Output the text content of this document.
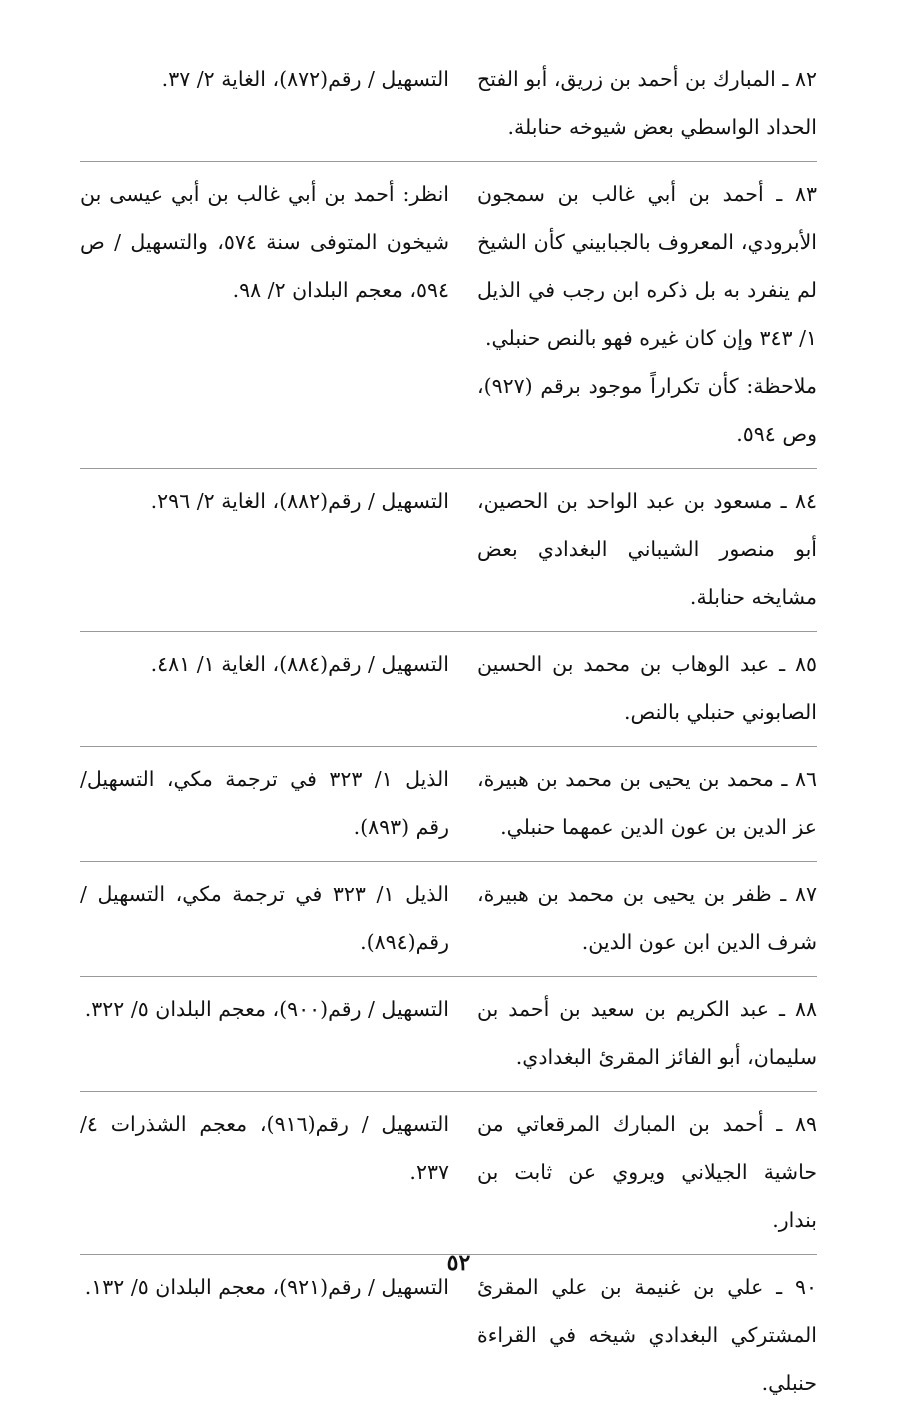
٨٢ ـ المبارك بن أحمد بن زريق، أبو الفتح الحداد الواسطي بعض شيوخه حنابلة.

التسهيل / رقم(٨٧٢)، الغاية ٢/ ٣٧.

٨٣ ـ أحمد بن أبي غالب بن سمجون الأبرودي، المعروف بالجبابيني كأن الشيخ لم ينفرد به بل ذكره ابن رجب في الذيل ١/ ٣٤٣ وإن كان غيره فهو بالنص حنبلي.

ملاحظة: كأن تكراراً موجود برقم (٩٢٧)، وص ٥٩٤.

انظر: أحمد بن أبي غالب بن أبي عيسى بن شيخون المتوفى سنة ٥٧٤، والتسهيل / ص ٥٩٤، معجم البلدان ٢/ ٩٨.

٨٤ ـ مسعود بن عبد الواحد بن الحصين، أبو منصور الشيباني البغدادي بعض مشايخه حنابلة.

التسهيل / رقم(٨٨٢)، الغاية ٢/ ٢٩٦.

٨٥ ـ عبد الوهاب بن محمد بن الحسين الصابوني حنبلي بالنص.

التسهيل / رقم(٨٨٤)، الغاية ١/ ٤٨١.

٨٦ ـ محمد بن يحيى بن محمد بن هبيرة، عز الدين بن عون الدين عمهما حنبلي.

الذيل ١/ ٣٢٣ في ترجمة مكي، التسهيل/ رقم (٨٩٣).

٨٧ ـ ظفر بن يحيى بن محمد بن هبيرة، شرف الدين ابن عون الدين.

الذيل ١/ ٣٢٣ في ترجمة مكي، التسهيل / رقم(٨٩٤).

٨٨ ـ عبد الكريم بن سعيد بن أحمد بن سليمان، أبو الفائز المقرئ البغدادي.

التسهيل / رقم(٩٠٠)، معجم البلدان ٥/ ٣٢٢.

٨٩ ـ أحمد بن المبارك المرقعاتي من حاشية الجيلاني ويروي عن ثابت بن بندار.

التسهيل / رقم(٩١٦)، معجم الشذرات ٤/ ٢٣٧.

٩٠ ـ علي بن غنيمة بن علي المقرئ المشتركي البغدادي شيخه في القراءة حنبلي.

التسهيل / رقم(٩٢١)، معجم البلدان ٥/ ١٣٢.

٥٢
